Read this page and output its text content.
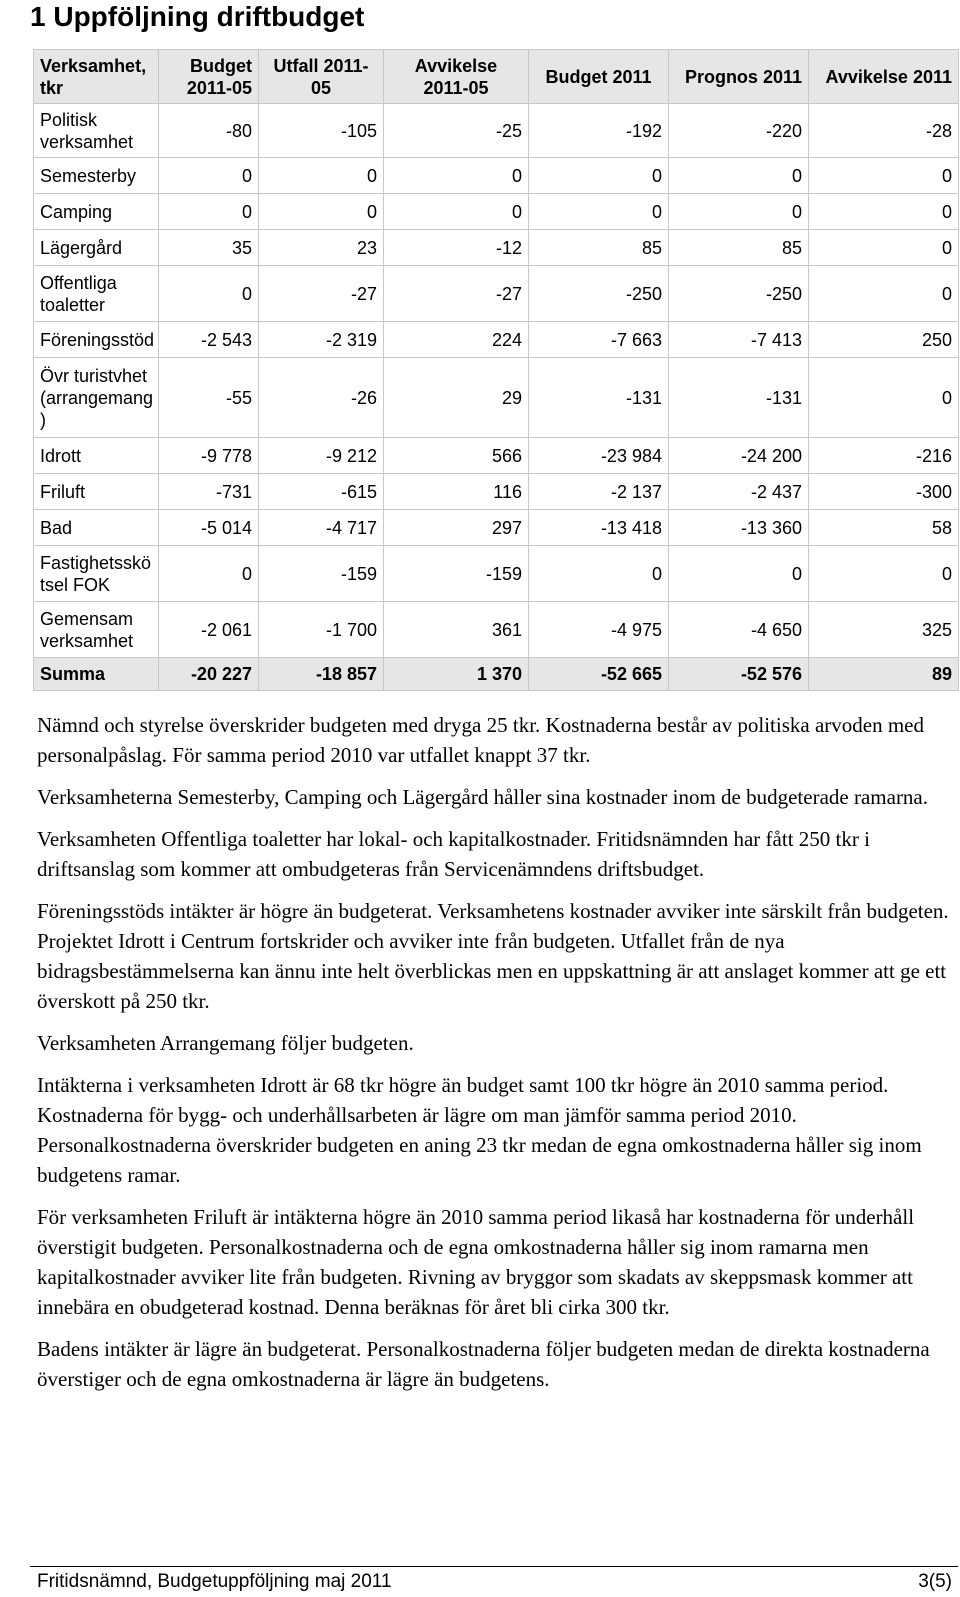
1 Uppföljning driftbudget
Verksamhet, tkr	Budget 2011-05	Utfall 2011-05	Avvikelse 2011-05	Budget 2011	Prognos 2011	Avvikelse 2011
Politisk verksamhet	-80	-105	-25	-192	-220	-28
Semesterby	0	0	0	0	0	0
Camping	0	0	0	0	0	0
Lägergård	35	23	-12	85	85	0
Offentliga toaletter	0	-27	-27	-250	-250	0
Föreningsstöd	-2 543	-2 319	224	-7 663	-7 413	250
Övr turistvhet (arrangemang )	-55	-26	29	-131	-131	0
Idrott	-9 778	-9 212	566	-23 984	-24 200	-216
Friluft	-731	-615	116	-2 137	-2 437	-300
Bad	-5 014	-4 717	297	-13 418	-13 360	58
Fastighetsskö tsel FOK	0	-159	-159	0	0	0
Gemensam verksamhet	-2 061	-1 700	361	-4 975	-4 650	325
Summa	-20 227	-18 857	1 370	-52 665	-52 576	89

Nämnd och styrelse överskrider budgeten med dryga 25 tkr. Kostnaderna består av politiska arvoden med personalpåslag. För samma period 2010 var utfallet knappt 37 tkr.

Verksamheterna Semesterby, Camping och Lägergård håller sina kostnader inom de budgeterade ramarna.

Verksamheten Offentliga toaletter har lokal- och kapitalkostnader. Fritidsnämnden har fått 250 tkr i driftsanslag som kommer att ombudgeteras från Servicenämndens driftsbudget.

Föreningsstöds intäkter är högre än budgeterat. Verksamhetens kostnader avviker inte särskilt från budgeten. Projektet Idrott i Centrum fortskrider och avviker inte från budgeten. Utfallet från de nya bidragsbestämmelserna kan ännu inte helt överblickas men en uppskattning är att anslaget kommer att ge ett överskott på 250 tkr.

Verksamheten Arrangemang följer budgeten.

Intäkterna i verksamheten Idrott är 68 tkr högre än budget samt 100 tkr högre än 2010 samma period. Kostnaderna för bygg- och underhållsarbeten är lägre om man jämför samma period 2010. Personalkostnaderna överskrider budgeten en aning 23 tkr medan de egna omkostnaderna håller sig inom budgetens ramar.

För verksamheten Friluft är intäkterna högre än 2010 samma period likaså har kostnaderna för underhåll överstigit budgeten. Personalkostnaderna och de egna omkostnaderna håller sig inom ramarna men kapitalkostnader avviker lite från budgeten. Rivning av bryggor som skadats av skeppsmask kommer att innebära en obudgeterad kostnad. Denna beräknas för året bli cirka 300 tkr.

Badens intäkter är lägre än budgeterat. Personalkostnaderna följer budgeten medan de direkta kostnaderna överstiger och de egna omkostnaderna är lägre än budgetens.

Fritidsnämnd, Budgetuppföljning maj 2011	3(5)
